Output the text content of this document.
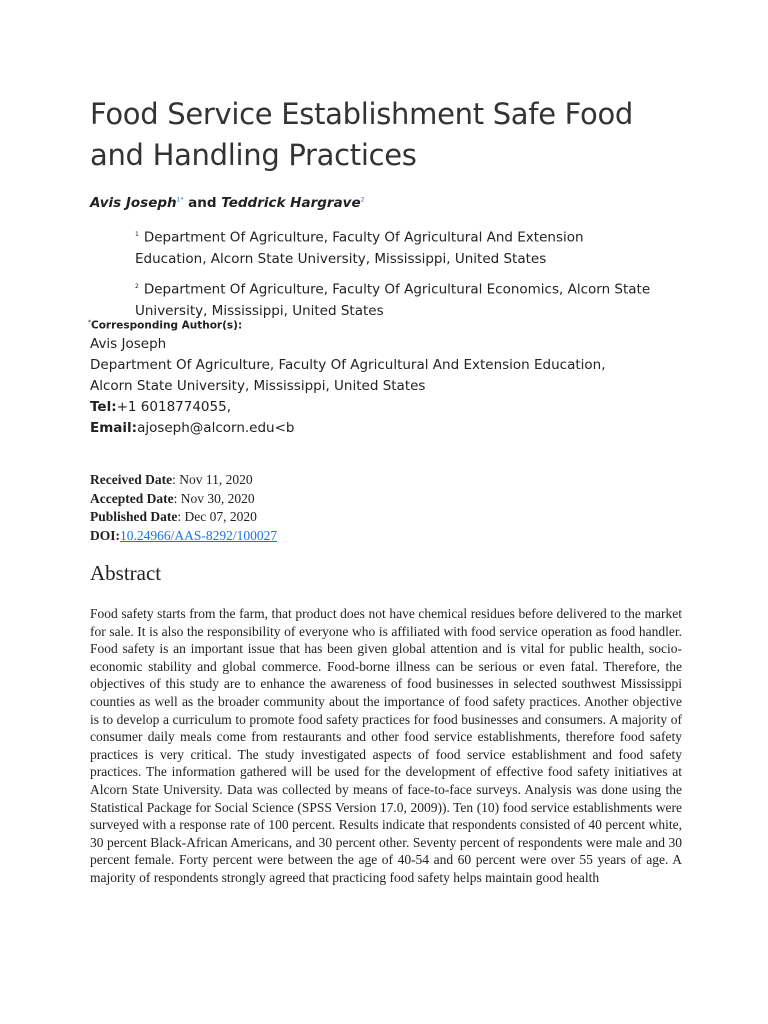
Food Service Establishment Safe Food and Handling Practices
Avis Joseph$^{1*}$ and Teddrick Hargrave$^2$
$^1$ Department Of Agriculture, Faculty Of Agricultural And Extension Education, Alcorn State University, Mississippi, United States
$^2$ Department Of Agriculture, Faculty Of Agricultural Economics, Alcorn State University, Mississippi, United States
*Corresponding Author(s):
Avis Joseph
Department Of Agriculture, Faculty Of Agricultural And Extension Education, Alcorn State University, Mississippi, United States
Tel:+1 6018774055,
Email:ajoseph@alcorn.edu<b
Received Date: Nov 11, 2020
Accepted Date: Nov 30, 2020
Published Date: Dec 07, 2020
DOI:10.24966/AAS-8292/100027
Abstract

Food safety starts from the farm, that product does not have chemical residues before delivered to the market for sale. It is also the responsibility of everyone who is affiliated with food service operation as food handler. Food safety is an important issue that has been given global attention and is vital for public health, socio-economic stability and global commerce. Food-borne illness can be serious or even fatal. Therefore, the objectives of this study are to enhance the awareness of food businesses in selected southwest Mississippi counties as well as the broader community about the importance of food safety practices. Another objective is to develop a curriculum to promote food safety practices for food businesses and consumers. A majority of consumer daily meals come from restaurants and other food service establishments, therefore food safety practices is very critical. The study investigated aspects of food service establishment and food safety practices. The information gathered will be used for the development of effective food safety initiatives at Alcorn State University. Data was collected by means of face-to-face surveys. Analysis was done using the Statistical Package for Social Science (SPSS Version 17.0, 2009)). Ten (10) food service establishments were surveyed with a response rate of 100 percent. Results indicate that respondents consisted of 40 percent white, 30 percent Black-African Americans, and 30 percent other. Seventy percent of respondents were male and 30 percent female. Forty percent were between the age of 40-54 and 60 percent were over 55 years of age. A majority of respondents strongly agreed that practicing food safety helps maintain good health
